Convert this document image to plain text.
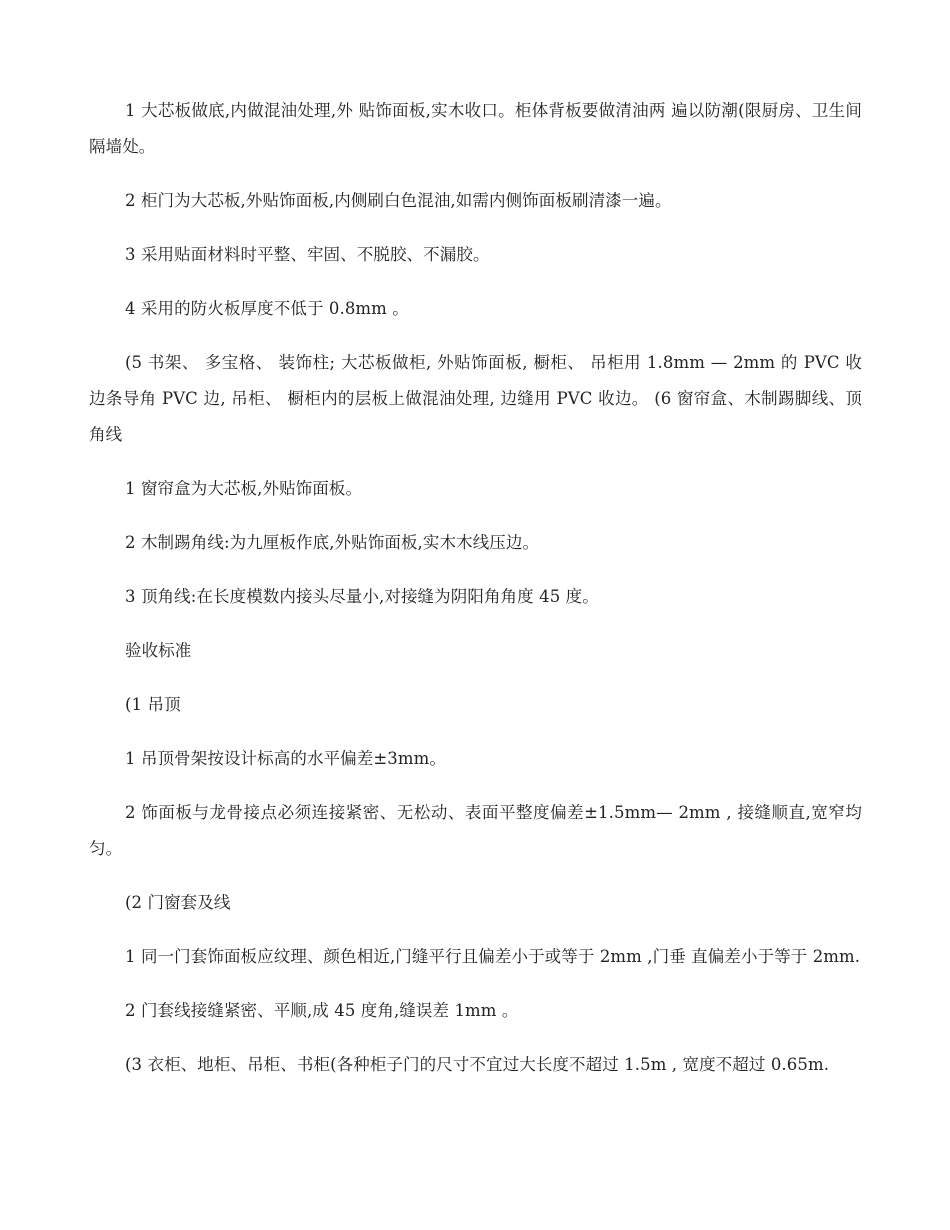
1 大芯板做底,内做混油处理,外 贴饰面板,实木收口。柜体背板要做清油两 遍以防潮(限厨房、卫生间隔墙处。

2 柜门为大芯板,外贴饰面板,内侧刷白色混油,如需内侧饰面板刷清漆一遍。

3 采用贴面材料时平整、牢固、不脱胶、不漏胶。

4 采用的防火板厚度不低于 0.8mm 。

(5 书架、 多宝格、 装饰柱; 大芯板做柜, 外贴饰面板, 橱柜、 吊柜用 1.8mm — 2mm 的 PVC 收边条导角 PVC 边, 吊柜、 橱柜内的层板上做混油处理, 边缝用 PVC 收边。 (6 窗帘盒、木制踢脚线、顶角线

1 窗帘盒为大芯板,外贴饰面板。

2 木制踢角线:为九厘板作底,外贴饰面板,实木木线压边。

3 顶角线:在长度模数内接头尽量小,对接缝为阴阳角角度 45 度。

验收标准

(1 吊顶

1 吊顶骨架按设计标高的水平偏差±3mm。

2 饰面板与龙骨接点必须连接紧密、无松动、表面平整度偏差±1.5mm— 2mm , 接缝顺直,宽窄均匀。

(2 门窗套及线

1 同一门套饰面板应纹理、颜色相近,门缝平行且偏差小于或等于 2mm ,门垂 直偏差小于等于 2mm.

2 门套线接缝紧密、平顺,成 45 度角,缝误差 1mm 。

(3 衣柜、地柜、吊柜、书柜(各种柜子门的尺寸不宜过大长度不超过 1.5m , 宽度不超过 0.65m.
